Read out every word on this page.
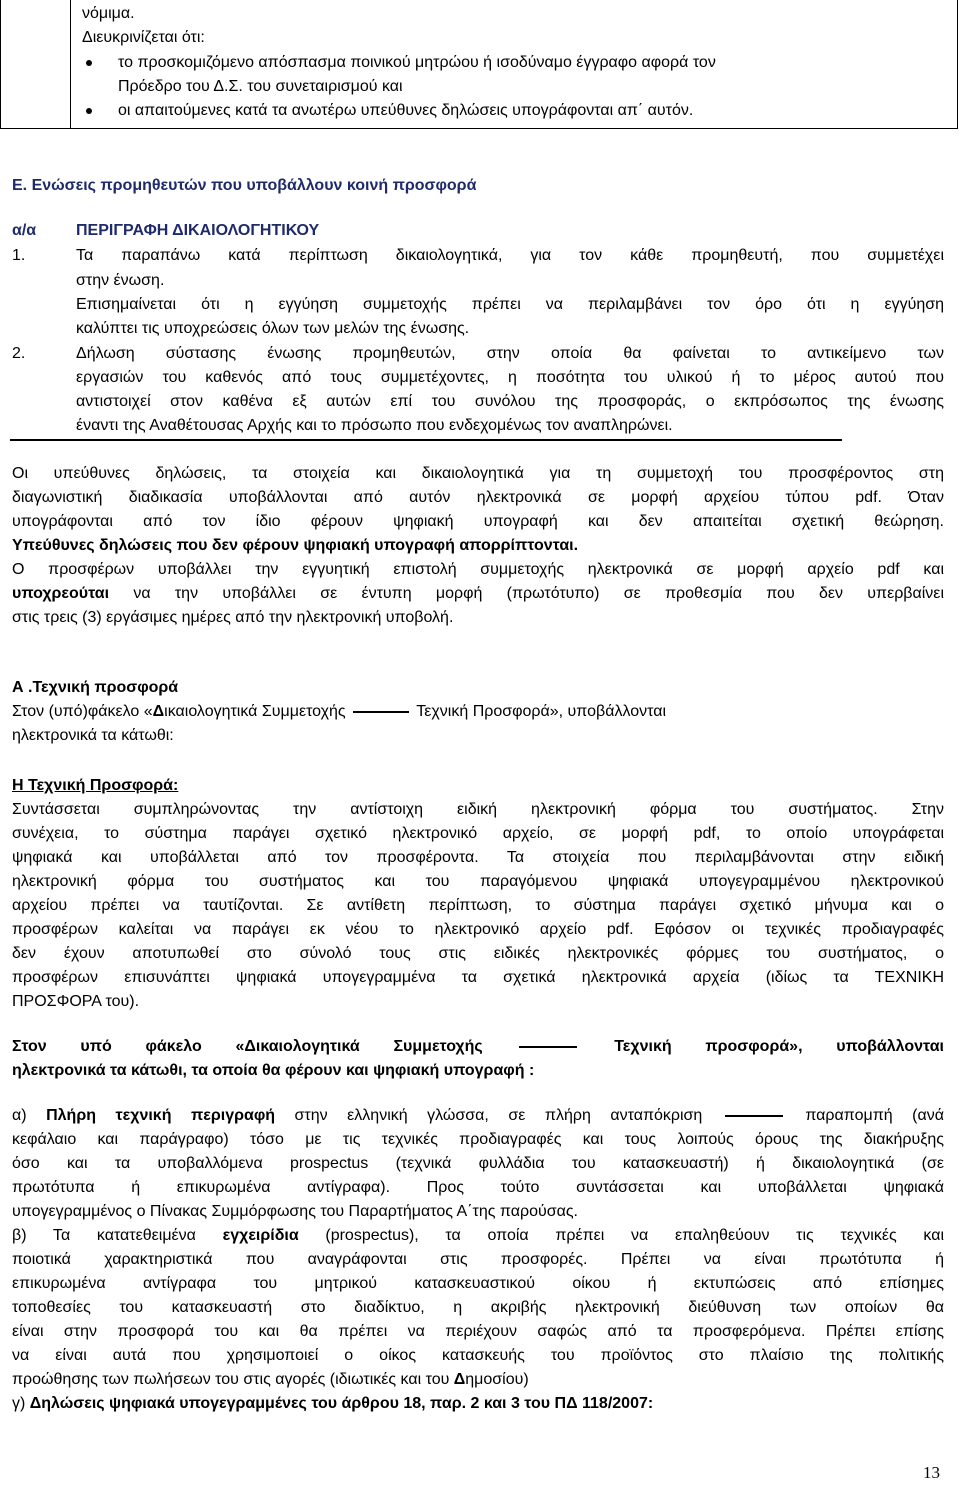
νόμιμα.
Διευκρινίζεται ότι:
το προσκομιζόμενο απόσπασμα ποινικού μητρώου ή ισοδύναμο έγγραφο αφορά τον
Πρόεδρο του Δ.Σ. του συνεταιρισμού και
οι απαιτούμενες κατά τα ανωτέρω υπεύθυνες δηλώσεις υπογράφονται απ΄ αυτόν.
Ε. Ενώσεις προμηθευτών που υποβάλλουν κοινή προσφορά
α/α ΠΕΡΙΓΡΑΦΗ ΔΙΚΑΙΟΛΟΓΗΤΙΚΟΥ
1.	Τα παραπάνω κατά περίπτωση δικαιολογητικά, για τον κάθε προμηθευτή, που συμμετέχει
στην ένωση.
Επισημαίνεται ότι η εγγύηση συμμετοχής πρέπει να περιλαμβάνει τον όρο ότι η εγγύηση
καλύπτει τις υποχρεώσεις όλων των μελών της ένωσης.
2.	Δήλωση σύστασης ένωσης προμηθευτών, στην οποία θα φαίνεται το αντικείμενο των
εργασιών του καθενός από τους συμμετέχοντες, η ποσότητα του υλικού ή το μέρος αυτού που
αντιστοιχεί στον καθένα εξ αυτών επί του συνόλου της προσφοράς, ο εκπρόσωπος της ένωσης
έναντι της Αναθέτουσας Αρχής και το πρόσωπο που ενδεχομένως τον αναπληρώνει.
Οι υπεύθυνες δηλώσεις, τα στοιχεία και δικαιολογητικά για τη συμμετοχή του προσφέροντος στη
διαγωνιστική διαδικασία υποβάλλονται από αυτόν ηλεκτρονικά σε μορφή αρχείου τύπου pdf. Όταν
υπογράφονται από τον ίδιο φέρουν ψηφιακή υπογραφή και δεν απαιτείται σχετική θεώρηση.
Υπεύθυνες δηλώσεις που δεν φέρουν ψηφιακή υπογραφή απορρίπτονται.
Ο προσφέρων υποβάλλει την εγγυητική επιστολή συμμετοχής ηλεκτρονικά σε μορφή αρχείο pdf και
υποχρεούται να την υποβάλλει σε έντυπη μορφή (πρωτότυπο) σε προθεσμία που δεν υπερβαίνει
στις τρεις (3) εργάσιμες ημέρες από την ηλεκτρονική υποβολή.
Α .Τεχνική προσφορά
Στον (υπό)φάκελο «Δικαιολογητικά Συμμετοχής	Τεχνική Προσφορά», υποβάλλονται
ηλεκτρονικά τα κάτωθι:
Η Τεχνική Προσφορά:
Συντάσσεται συμπληρώνοντας την αντίστοιχη ειδική ηλεκτρονική φόρμα του συστήματος. Στην
συνέχεια, το σύστημα παράγει σχετικό ηλεκτρονικό αρχείο, σε μορφή pdf, το οποίο υπογράφεται
ψηφιακά και υποβάλλεται από τον προσφέροντα. Τα στοιχεία που περιλαμβάνονται στην ειδική
ηλεκτρονική φόρμα του συστήματος και του παραγόμενου ψηφιακά υπογεγραμμένου ηλεκτρονικού
αρχείου πρέπει να ταυτίζονται. Σε αντίθετη περίπτωση, το σύστημα παράγει σχετικό μήνυμα και ο
προσφέρων καλείται να παράγει εκ νέου το ηλεκτρονικό αρχείο pdf. Εφόσον οι τεχνικές προδιαγραφές
δεν έχουν αποτυπωθεί στο σύνολό τους στις ειδικές ηλεκτρονικές φόρμες του συστήματος, ο
προσφέρων επισυνάπτει ψηφιακά υπογεγραμμένα τα σχετικά ηλεκτρονικά αρχεία (ιδίως τα ΤΕΧΝΙΚΗ
ΠΡΟΣΦΟΡΑ του).
Στον υπό φάκελο «Δικαιολογητικά Συμμετοχής	Τεχνική προσφορά», υποβάλλονται
ηλεκτρονικά τα κάτωθι, τα οποία θα φέρουν και ψηφιακή υπογραφή :
α) Πλήρη τεχνική περιγραφή στην ελληνική γλώσσα, σε πλήρη ανταπόκριση	παραπομπή (ανά
κεφάλαιο και παράγραφο) τόσο με τις τεχνικές προδιαγραφές και τους λοιπούς όρους της διακήρυξης
όσο και τα υποβαλλόμενα prospectus (τεχνικά φυλλάδια του κατασκευαστή) ή δικαιολογητικά (σε
πρωτότυπα ή επικυρωμένα αντίγραφα). Προς τούτο συντάσσεται και υποβάλλεται ψηφιακά
υπογεγραμμένος ο Πίνακας Συμμόρφωσης του Παραρτήματος Α΄της παρούσας.
β) Τα κατατεθειμένα εγχειρίδια (prospectus), τα οποία πρέπει να επαληθεύουν τις τεχνικές και
ποιοτικά χαρακτηριστικά που αναγράφονται στις προσφορές. Πρέπει να είναι πρωτότυπα ή
επικυρωμένα αντίγραφα του μητρικού κατασκευαστικού οίκου ή εκτυπώσεις από επίσημες
τοποθεσίες του κατασκευαστή στο διαδίκτυο, η ακριβής ηλεκτρονική διεύθυνση των οποίων θα
είναι στην προσφορά του και θα πρέπει να περιέχουν σαφώς από τα προσφερόμενα. Πρέπει επίσης
να είναι αυτά που χρησιμοποιεί ο οίκος κατασκευής του προϊόντος στο πλαίσιο της πολιτικής
προώθησης των πωλήσεων του στις αγορές (ιδιωτικές και του Δημοσίου)
γ) Δηλώσεις ψηφιακά υπογεγραμμένες του άρθρου 18, παρ. 2 και 3 του ΠΔ 118/2007:
13
